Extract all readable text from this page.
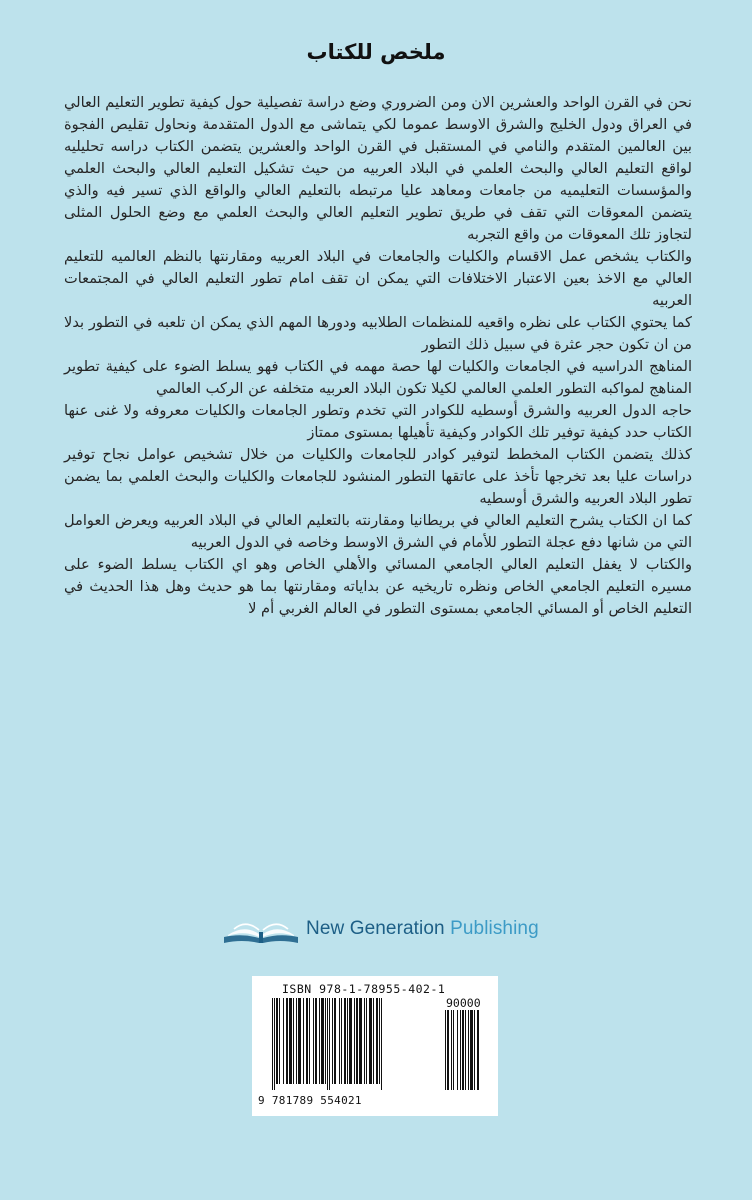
ملخص للكتاب

نحن في القرن الواحد والعشرين الان ومن الضروري وضع دراسة تفصيلية حول كيفية تطوير التعليم العالي في العراق ودول الخليج والشرق الاوسط عموما لكي يتماشى مع الدول المتقدمة ونحاول تقليص الفجوة بين العالمين المتقدم والنامي في المستقبل في القرن الواحد والعشرين يتضمن الكتاب دراسه تحليليه لواقع التعليم العالي والبحث العلمي في البلاد العربيه من حيث تشكيل التعليم العالي والبحث العلمي والمؤسسات التعليميه من جامعات ومعاهد عليا مرتبطه بالتعليم العالي والواقع الذي تسير فيه والذي يتضمن المعوقات التي تقف في طريق تطوير التعليم العالي والبحث العلمي مع وضع الحلول المثلى لتجاوز تلك المعوقات من واقع التجربه

والكتاب يشخص عمل الاقسام والكليات والجامعات في البلاد العربيه ومقارنتها بالنظم العالميه للتعليم العالي مع الاخذ بعين الاعتبار الاختلافات التي يمكن ان تقف امام تطور التعليم العالي في المجتمعات العربيه

كما يحتوي الكتاب على نظره واقعيه للمنظمات الطلابيه ودورها المهم الذي يمكن ان تلعبه في التطور بدلا من ان تكون حجر عثرة في سبيل ذلك التطور

المناهج الدراسيه في الجامعات والكليات لها حصة مهمه في الكتاب فهو يسلط الضوء على كيفية تطوير المناهج لمواكبه التطور العلمي العالمي لكيلا تكون البلاد العربيه متخلفه عن الركب العالمي

حاجه الدول العربيه والشرق أوسطيه للكوادر التي تخدم وتطور الجامعات والكليات معروفه ولا غنى عنها الكتاب حدد كيفية توفير تلك الكوادر وكيفية تأهيلها بمستوى ممتاز

كذلك يتضمن الكتاب المخطط لتوفير كوادر للجامعات والكليات من خلال تشخيص عوامل نجاح توفير دراسات عليا بعد تخرجها تأخذ على عاتقها التطور المنشود للجامعات والكليات والبحث العلمي بما يضمن تطور البلاد العربيه والشرق أوسطيه

كما ان الكتاب يشرح التعليم العالي في بريطانيا ومقارنته بالتعليم العالي في البلاد العربيه ويعرض العوامل التي من شانها دفع عجلة التطور للأمام في الشرق الاوسط وخاصه في الدول العربيه

والكتاب لا يغفل التعليم العالي الجامعي المسائي والأهلي الخاص وهو اي الكتاب يسلط الضوء على مسيره التعليم الجامعي الخاص ونظره تاريخيه عن بداياته ومقارنتها بما هو حديث وهل هذا الحديث في التعليم الخاص أو المسائي الجامعي بمستوى التطور في العالم الغربي أم لا

New Generation Publishing
ISBN 978-1-78955-402-1
90000
9 781789 554021
